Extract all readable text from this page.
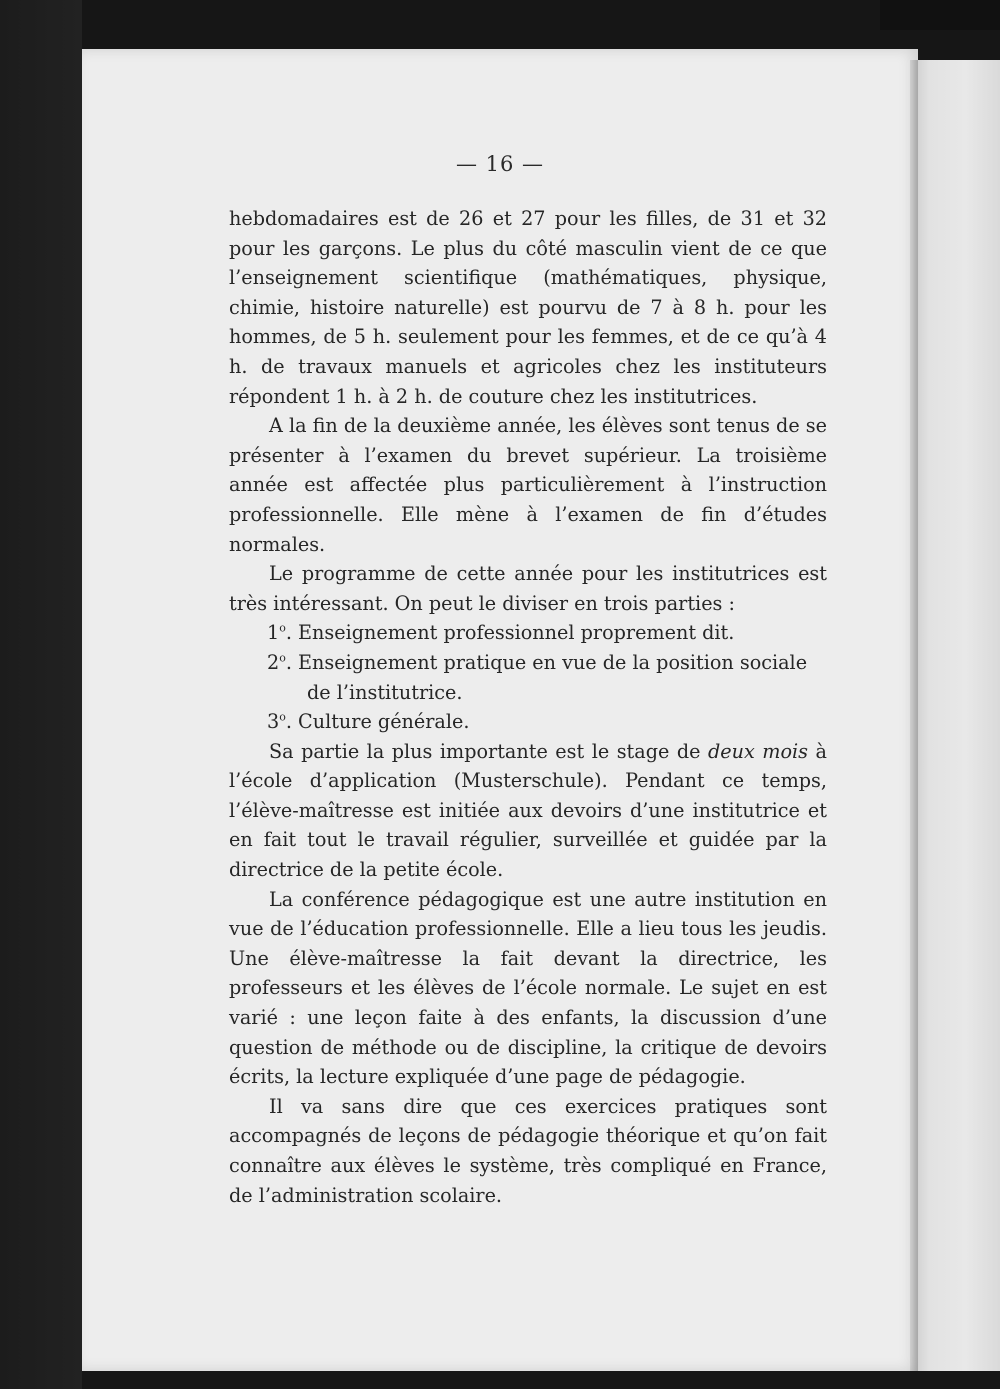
— 16 —

hebdomadaires est de 26 et 27 pour les filles, de 31 et 32 pour les garçons. Le plus du côté masculin vient de ce que l’enseignement scientifique (mathématiques, physique, chimie, histoire naturelle) est pourvu de 7 à 8 h. pour les hommes, de 5 h. seulement pour les femmes, et de ce qu’à 4 h. de travaux manuels et agricoles chez les instituteurs répondent 1 h. à 2 h. de couture chez les institutrices.

A la fin de la deuxième année, les élèves sont tenus de se présenter à l’examen du brevet supérieur. La troisième année est affectée plus particulièrement à l’instruction professionnelle. Elle mène à l’examen de fin d’études normales.

Le programme de cette année pour les institutrices est très intéressant. On peut le diviser en trois parties :

1$^o$. Enseignement professionnel proprement dit.

2$^o$. Enseignement pratique en vue de la position sociale de l’institutrice.

3$^o$. Culture générale.

Sa partie la plus importante est le stage de deux mois à l’école d’application (Musterschule). Pendant ce temps, l’élève-maîtresse est initiée aux devoirs d’une institutrice et en fait tout le travail régulier, surveillée et guidée par la directrice de la petite école.

La conférence pédagogique est une autre institution en vue de l’éducation professionnelle. Elle a lieu tous les jeudis. Une élève-maîtresse la fait devant la directrice, les professeurs et les élèves de l’école normale. Le sujet en est varié : une leçon faite à des enfants, la discussion d’une question de méthode ou de discipline, la critique de devoirs écrits, la lecture expliquée d’une page de pédagogie.

Il va sans dire que ces exercices pratiques sont accompagnés de leçons de pédagogie théorique et qu’on fait connaître aux élèves le système, très compliqué en France, de l’administration scolaire.
